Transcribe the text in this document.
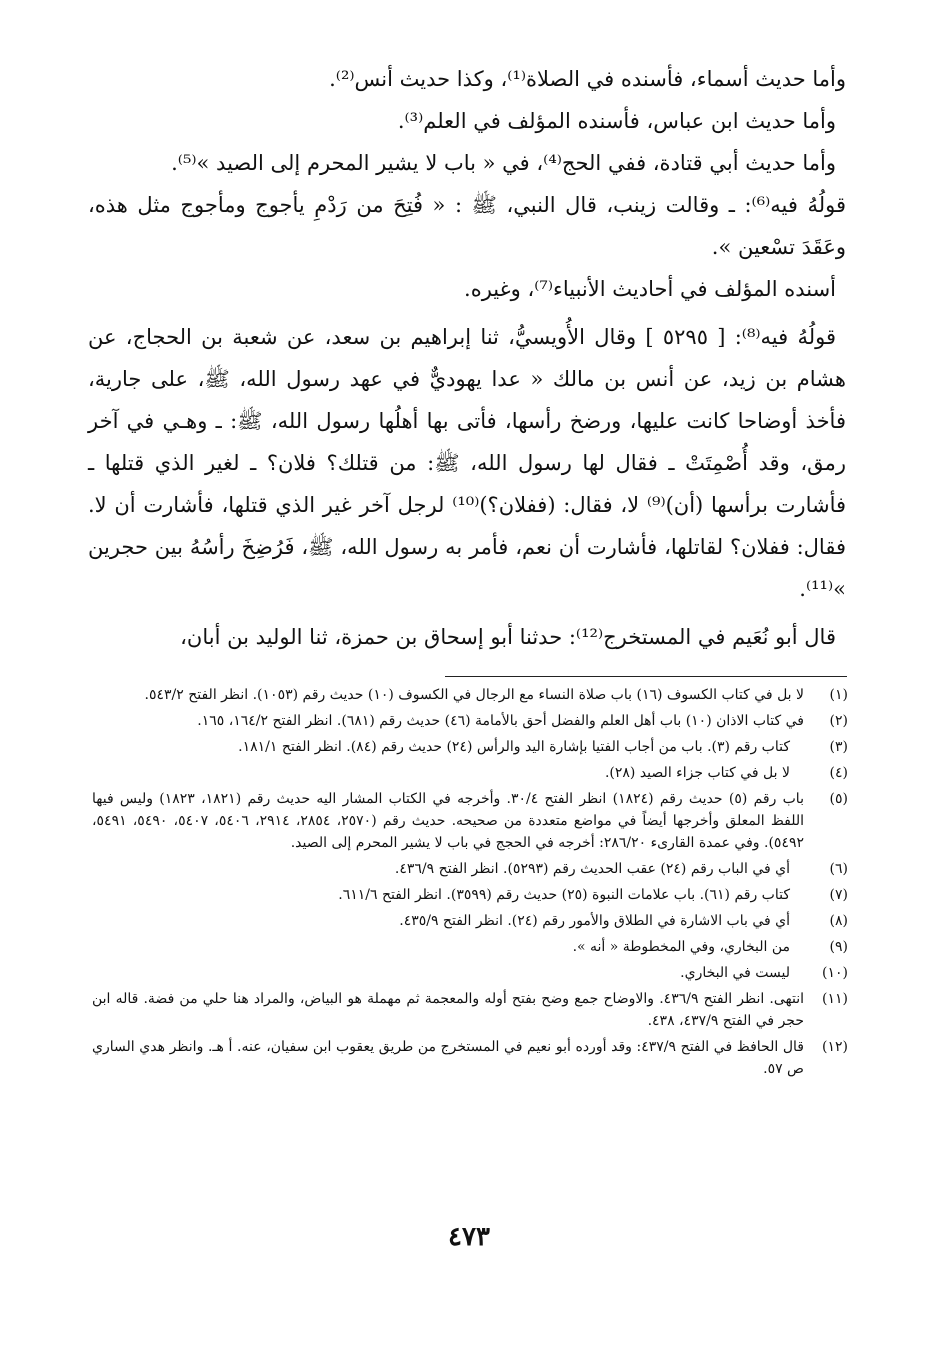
وأما حديث أسماء، فأسنده في الصلاة⁽¹⁾، وكذا حديث أنس⁽²⁾.

وأما حديث ابن عباس، فأسنده المؤلف في العلم⁽³⁾.

وأما حديث أبي قتادة، ففي الحج⁽⁴⁾، في « باب لا يشير المحرم إلى الصيد »⁽⁵⁾.

قولُهُ فيه⁽⁶⁾: ـ وقالت زينب، قال النبي، ﷺ : « فُتِحَ من رَدْمِ يأجوج ومأجوج مثل هذه، وعَقَدَ تسْعين ».

أسنده المؤلف في أحاديث الأنبياء⁽⁷⁾، وغيره.

قولُهُ فيه⁽⁸⁾: [ ٥٢٩٥ ] وقال الأُويسيُّ، ثنا إبراهيم بن سعد، عن شعبة بن الحجاج، عن هشام بن زيد، عن أنس بن مالك « عدا يهوديٌّ في عهد رسول الله، ﷺ، على جارية، فأخذ أوضاحا كانت عليها، ورضخ رأسها، فأتى بها أهلُها رسول الله، ﷺ: ـ وهـي في آخر رمق، وقد أُصْمِتَتْ ـ فقال لها رسول الله، ﷺ: من قتلك؟ فلان؟ ـ لغير الذي قتلها ـ فأشارت برأسها (أن)⁽⁹⁾ لا، فقال: (ففلان؟)⁽¹⁰⁾ لرجل آخر غير الذي قتلها، فأشارت أن لا. فقال: ففلان؟ لقاتلها، فأشارت أن نعم، فأمر به رسول الله، ﷺ، فَرُضِخَ رأسُهُ بين حجرين »⁽¹¹⁾.

قال أبو نُعَيم في المستخرج⁽¹²⁾: حدثنا أبو إسحاق بن حمزة، ثنا الوليد بن أبان،

(١)
لا بل في كتاب الكسوف (١٦) باب صلاة النساء مع الرجال في الكسوف (١٠) حديث رقم (١٠٥٣). انظر الفتح ٥٤٣/٢.
(٢)
في كتاب الاذان (١٠) باب أهل العلم والفضل أحق بالأمامة (٤٦) حديث رقم (٦٨١). انظر الفتح ١٦٤/٢، ١٦٥.
(٣)
كتاب رقم (٣). باب من أجاب الفتيا بإشارة اليد والرأس (٢٤) حديث رقم (٨٤). انظر الفتح ١٨١/١.
(٤)
لا بل في كتاب جزاء الصيد (٢٨).
(٥)
باب رقم (٥) حديث رقم (١٨٢٤) انظر الفتح ٣٠/٤. وأخرجه في الكتاب المشار اليه حديث رقم (١٨٢١، ١٨٢٣) وليس فيها اللفظ المعلق وأخرجها أيضاً في مواضع متعددة من صحيحه. حديث رقم (٢٥٧٠، ٢٨٥٤، ٢٩١٤، ٥٤٠٦، ٥٤٠٧، ٥٤٩٠، ٥٤٩١، ٥٤٩٢). وفي عمدة القارىء ٢٨٦/٢٠: أخرجه في الحجج في باب لا يشير المحرم إلى الصيد.
(٦)
أي في الباب رقم (٢٤) عقب الحديث رقم (٥٢٩٣). انظر الفتح ٤٣٦/٩.
(٧)
كتاب رقم (٦١). باب علامات النبوة (٢٥) حديث رقم (٣٥٩٩). انظر الفتح ٦١١/٦.
(٨)
أي في باب الاشارة في الطلاق والأمور رقم (٢٤). انظر الفتح ٤٣٥/٩.
(٩)
من البخاري، وفي المخطوطة « أنه ».
(١٠)
ليست في البخاري.
(١١)
انتهى. انظر الفتح ٤٣٦/٩. والاوضاح جمع وضح بفتح أوله والمعجمة ثم مهملة هو البياض، والمراد هنا حلي من فضة. قاله ابن حجر في الفتح ٤٣٧/٩، ٤٣٨.
(١٢)
قال الحافظ في الفتح ٤٣٧/٩: وقد أورده أبو نعيم في المستخرج من طريق يعقوب ابن سفيان، عنه. أ هـ. وانظر هدي الساري ص ٥٧.
٤٧٣
